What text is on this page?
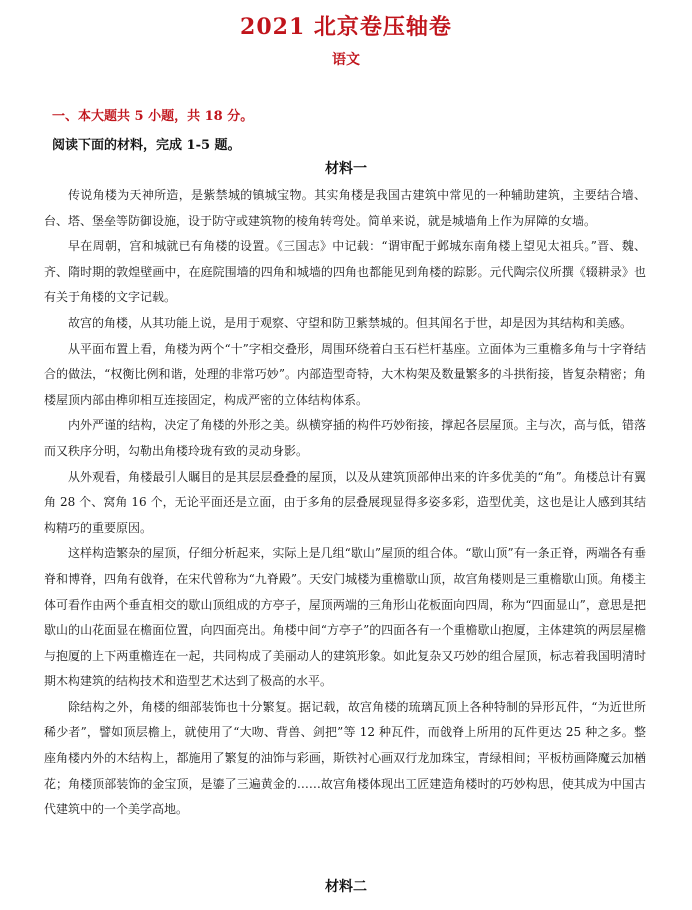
2021 北京卷压轴卷
语文
一、本大题共 5 小题，共 18 分。
阅读下面的材料，完成 1-5 题。
材料一

传说角楼为天神所造，是紫禁城的镇城宝物。其实角楼是我国古建筑中常见的一种辅助建筑，主要结合墙、台、塔、堡垒等防御设施，设于防守或建筑物的棱角转弯处。简单来说，就是城墙角上作为屏障的女墙。

早在周朝，宫和城就已有角楼的设置。《三国志》中记载：“谓审配于邺城东南角楼上望见太祖兵。”晋、魏、齐、隋时期的敦煌壁画中，在庭院围墙的四角和城墙的四角也都能见到角楼的踪影。元代陶宗仪所撰《辍耕录》也有关于角楼的文字记载。

故宫的角楼，从其功能上说，是用于观察、守望和防卫紫禁城的。但其闻名于世，却是因为其结构和美感。

从平面布置上看，角楼为两个“十”字相交叠形，周围环绕着白玉石栏杆基座。立面体为三重檐多角与十字脊结合的做法，“权衡比例和谐，处理的非常巧妙”。内部造型奇特，大木构架及数量繁多的斗拱衔接，皆复杂精密；角楼屋顶内部由榫卯相互连接固定，构成严密的立体结构体系。

内外严谨的结构，决定了角楼的外形之美。纵横穿插的构件巧妙衔接，撑起各层屋顶。主与次，高与低，错落而又秩序分明，勾勒出角楼玲珑有致的灵动身影。

从外观看，角楼最引人瞩目的是其层层叠叠的屋顶，以及从建筑顶部伸出来的许多优美的“角”。角楼总计有翼角 28 个、窝角 16 个，无论平面还是立面，由于多角的层叠展现显得多姿多彩，造型优美，这也是让人感到其结构精巧的重要原因。

这样构造繁杂的屋顶，仔细分析起来，实际上是几组“歇山”屋顶的组合体。“歇山顶”有一条正脊，两端各有垂脊和博脊，四角有戗脊，在宋代曾称为“九脊殿”。天安门城楼为重檐歇山顶，故宫角楼则是三重檐歇山顶。角楼主体可看作由两个垂直相交的歇山顶组成的方亭子，屋顶两端的三角形山花板面向四周，称为“四面显山”，意思是把歇山的山花面显在檐面位置，向四面亮出。角楼中间“方亭子”的四面各有一个重檐歇山抱厦，主体建筑的两层屋檐与抱厦的上下两重檐连在一起，共同构成了美丽动人的建筑形象。如此复杂又巧妙的组合屋顶，标志着我国明清时期木构建筑的结构技术和造型艺术达到了极高的水平。

除结构之外，角楼的细部装饰也十分繁复。据记载，故宫角楼的琉璃瓦顶上各种特制的异形瓦件，“为近世所稀少者”，譬如顶层檐上，就使用了“大吻、背兽、剑把”等 12 种瓦件，而戗脊上所用的瓦件更达 25 种之多。整座角楼内外的木结构上，都施用了繁复的油饰与彩画，斯铁衬心画双行龙加珠宝，青绿相间；平板枋画降魔云加楢花；角楼顶部装饰的金宝顶，是鎏了三遍黄金的……故宫角楼体现出工匠建造角楼时的巧妙构思，使其成为中国古代建筑中的一个美学高地。

材料二
